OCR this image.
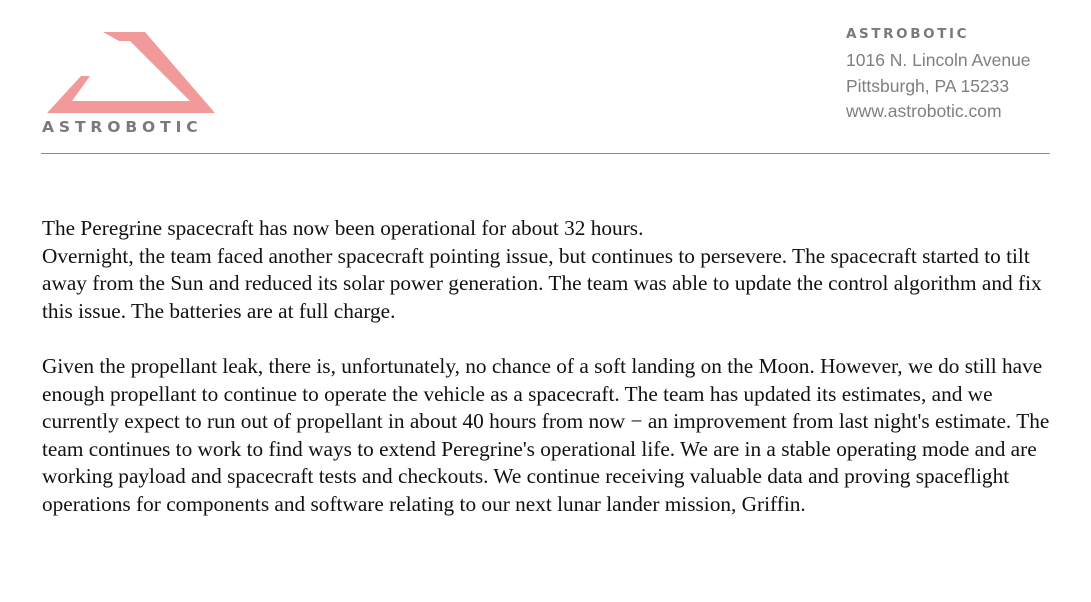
ASTROBOTIC
ASTROBOTIC
1016 N. Lincoln Avenue
Pittsburgh, PA 15233
www.astrobotic.com

The Peregrine spacecraft has now been operational for about 32 hours.

Overnight, the team faced another spacecraft pointing issue, but continues to persevere. The spacecraft started to tilt away from the Sun and reduced its solar power generation. The team was able to update the control algorithm and fix this issue. The batteries are at full charge.

Given the propellant leak, there is, unfortunately, no chance of a soft landing on the Moon. However, we do still have enough propellant to continue to operate the vehicle as a spacecraft. The team has updated its estimates, and we currently expect to run out of propellant in about 40 hours from now − an improvement from last night's estimate. The team continues to work to find ways to extend Peregrine's operational life. We are in a stable operating mode and are working payload and spacecraft tests and checkouts. We continue receiving valuable data and proving spaceflight operations for components and software relating to our next lunar lander mission, Griffin.
